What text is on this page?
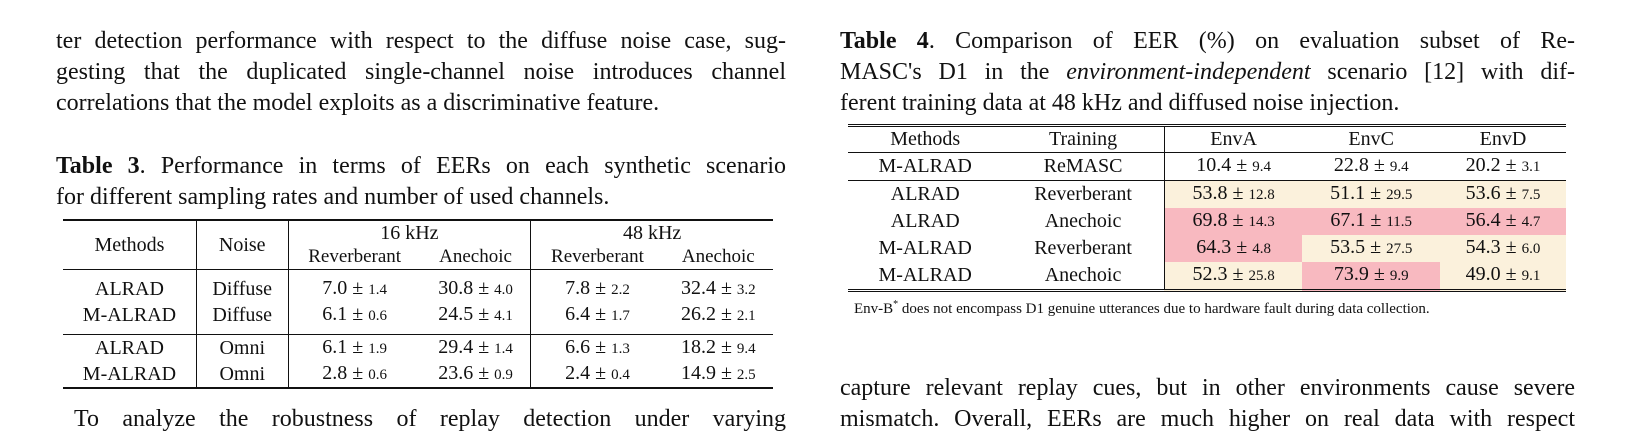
ter detection performance with respect to the diffuse noise case, sug-
gesting that the duplicated single-channel noise introduces channel
correlations that the model exploits as a discriminative feature.
Table 3. Performance in terms of EERs on each synthetic scenario
for different sampling rates and number of used channels.
Methods	Noise	16 kHz		48 kHz	
		Reverberant	Anechoic	Reverberant	Anechoic

ALRAD	Diffuse	7.0 ± 1.4	30.8 ± 4.0	7.8 ± 2.2	32.4 ± 3.2
M-ALRAD	Diffuse	6.1 ± 0.6	24.5 ± 4.1	6.4 ± 1.7	26.2 ± 2.1

ALRAD	Omni	6.1 ± 1.9	29.4 ± 1.4	6.6 ± 1.3	18.2 ± 9.4
M-ALRAD	Omni	2.8 ± 0.6	23.6 ± 0.9	2.4 ± 0.4	14.9 ± 2.5
To analyze the robustness of replay detection under varying
Table 4. Comparison of EER (%) on evaluation subset of Re-
MASC's D1 in the environment-independent scenario [12] with dif-
ferent training data at 48 kHz and diffused noise injection.
Methods	Training	EnvA	EnvC	EnvD
M-ALRAD	ReMASC	10.4 ± 9.4	22.8 ± 9.4	20.2 ± 3.1
ALRAD	Reverberant	53.8 ± 12.8	51.1 ± 29.5	53.6 ± 7.5
ALRAD	Anechoic	69.8 ± 14.3	67.1 ± 11.5	56.4 ± 4.7
M-ALRAD	Reverberant	64.3 ± 4.8	53.5 ± 27.5	54.3 ± 6.0
M-ALRAD	Anechoic	52.3 ± 25.8	73.9 ± 9.9	49.0 ± 9.1
Env-B* does not encompass D1 genuine utterances due to hardware fault during data collection.
capture relevant replay cues, but in other environments cause severe
mismatch. Overall, EERs are much higher on real data with respect
